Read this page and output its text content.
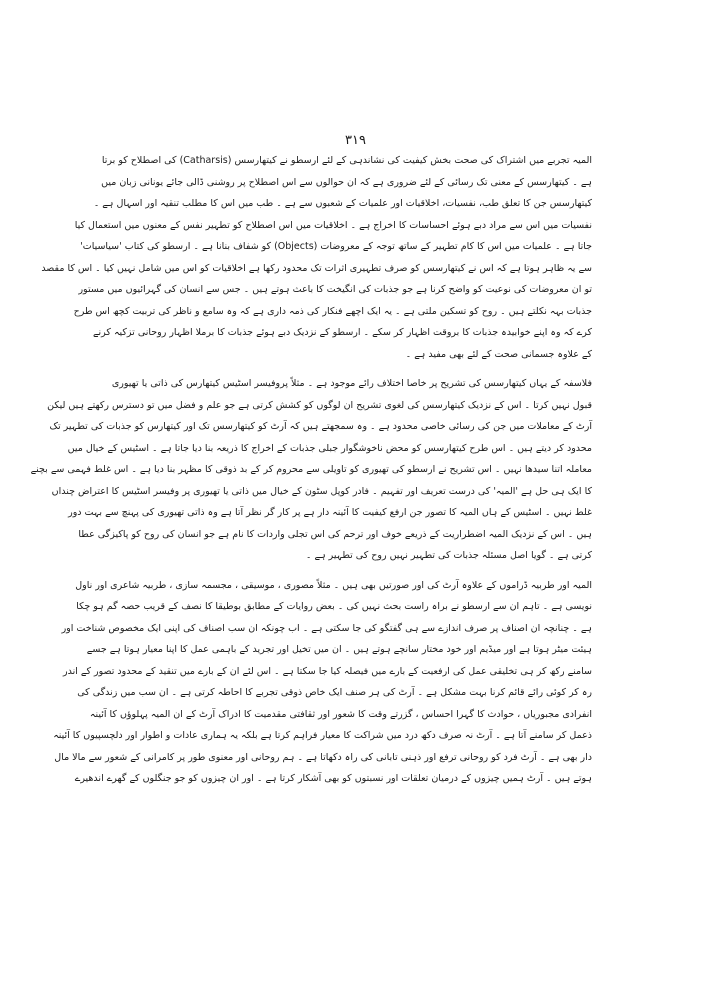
۳۱۹
المیہ تجربے میں اشتراک کی صحت بخش کیفیت کی نشاندہی کے لئے ارسطو نے کیتھارسس (Catharsis) کی اصطلاح کو برتا
ہے ۔ کیتھارسس کے معنی تک رسائی کے لئے ضروری ہے کہ ان حوالوں سے اس اصطلاح پر روشنی ڈالی جائے یونانی زبان میں
کیتھارسس جن کا تعلق طب، نفسیات، اخلاقیات اور علمیات کے شعبوں سے ہے ۔ طب میں اس کا مطلب تنقیہ اور اسہال ہے ۔
نفسیات میں اس سے مراد دبے ہوئے احساسات کا اخراج ہے ۔ اخلاقیات میں اس اصطلاح کو تطہیر نفس کے معنوں میں استعمال کیا
جاتا ہے ۔ علمیات میں اس کا کام تطہیر کے ساتھ توجہ کے معروضات (Objects) کو شفاف بنانا ہے ۔ ارسطو کی کتاب 'سیاسیات'
سے یہ ظاہر ہوتا ہے کہ اس نے کیتھارسس کو صرف تطہیری اثرات تک محدود رکھا ہے اخلاقیات کو اس میں شامل نہیں کیا ۔ اس کا مقصد
تو ان معروضات کی نوعیت کو واضح کرنا ہے جو جذبات کی انگیخت کا باعث ہوتے ہیں ۔ جس سے انسان کی گہرائیوں میں مستور
جذبات بہہ نکلتے ہیں ۔ روح کو تسکین ملتی ہے ۔ یہ ایک اچھے فنکار کی ذمہ داری ہے کہ وہ سامع و ناظر کی تربیت کچھ اس طرح
کرے کہ وہ اپنے خوابیدہ جذبات کا بروقت اظہار کر سکے ۔ ارسطو کے نزدیک دبے ہوئے جذبات کا برملا اظہار روحانی تزکیہ کرنے
کے علاوہ جسمانی صحت کے لئے بھی مفید ہے ۔
فلاسفہ کے یہاں کیتھارسس کی تشریح پر خاصا اختلاف رائے موجود ہے ۔ مثلاً پروفیسر اسٹیس کیتھارس کی ذاتی یا تھیوری
قبول نہیں کرتا ۔ اس کے نزدیک کیتھارسس کی لغوی تشریح ان لوگوں کو کشش کرتی ہے جو علم و فضل میں تو دسترس رکھتے ہیں لیکن
آرٹ کے معاملات میں جن کی رسائی خاصی محدود ہے ۔ وہ سمجھتے ہیں کہ آرٹ کو کیتھارسس تک اور کیتھارس کو جذبات کی تطہیر تک
محدود کر دیتے ہیں ۔ اس طرح کیتھارسس کو محض ناخوشگوار جبلی جذبات کے اخراج کا ذریعہ بنا دیا جاتا ہے ۔ اسٹیس کے خیال میں
معاملہ اتنا سیدھا نہیں ۔ اس تشریح نے ارسطو کی تھیوری کو تاویلی سے محروم کر کے بد ذوقی کا مظہر بنا دیا ہے ۔ اس غلط فہمی سے بچنے
کا ایک ہی حل ہے 'المیہ' کی درست تعریف اور تفہیم ۔ فادر کوپل سٹون کے خیال میں ذاتی یا تھیوری پر وفیسر اسٹیس کا اعتراض چنداں
غلط نہیں ۔ اسٹیس کے ہاں المیہ کا تصور جن ارفع کیفیت کا آئینہ دار ہے پر کار گر نظر آتا ہے وہ ذاتی تھیوری کی پہنچ سے بہت دور
ہیں ۔ اس کے نزدیک المیہ اضطراریت کے ذریعے خوف اور ترحم کی اس تجلی واردات کا نام ہے جو انسان کی روح کو پاکیزگی عطا
کرتی ہے ۔ گویا اصل مسئلہ جذبات کی تطہیر نہیں روح کی تطہیر ہے ۔
المیہ اور طربیہ ڈراموں کے علاوہ آرٹ کی اور صورتیں بھی ہیں ۔ مثلاً مصوری ، موسیقی ، مجسمہ سازی ، طربیہ شاعری اور ناول
نویسی ہے ۔ تاہم ان سے ارسطو نے براہ راست بحث نہیں کی ۔ بعض روایات کے مطابق بوطیقا کا نصف کے قریب حصہ گم ہو چکا
ہے ۔ چنانچہ ان اصناف پر صرف اندازے سے ہی گفتگو کی جا سکتی ہے ۔ اب چونکہ ان سب اصناف کی اپنی ایک مخصوص شناخت اور
ہیئت میٹر ہوتا ہے اور میڈیم اور خود مختار سانچے ہوتے ہیں ۔ ان میں تخیل اور تجرید کے باہمی عمل کا اپنا معیار ہوتا ہے جسے
سامنے رکھ کر ہی تخلیقی عمل کی ارفعیت کے بارے میں فیصلہ کیا جا سکتا ہے ۔ اس لئے ان کے بارے میں تنقید کے محدود تصور کے اندر
رہ کر کوئی رائے قائم کرنا بہت مشکل ہے ۔ آرٹ کی ہر صنف ایک خاص ذوقی تجربے کا احاطہ کرتی ہے ۔ ان سب میں زندگی کی
انفرادی مجبوریاں ، حوادث کا گہرا احساس ، گزرتے وقت کا شعور اور ثقافتی مقدمیت کا ادراک آرٹ کے ان المیہ پہلوؤں کا آئینہ
ذعمل کر سامنے آتا ہے ۔ آرٹ نہ صرف دکھ درد میں شراکت کا معیار فراہم کرتا ہے بلکہ یہ ہماری عادات و اطوار اور دلچسپیوں کا آئینہ
دار بھی ہے ۔ آرٹ فرد کو روحانی ترفع اور ذہنی تابانی کی راہ دکھاتا ہے ۔ ہم روحانی اور معنوی طور پر کامرانی کے شعور سے مالا مال
ہوتے ہیں ۔ آرٹ ہمیں چیزوں کے درمیان تعلقات اور نسبتوں کو بھی آشکار کرتا ہے ۔ اور ان چیزوں کو جو جنگلوں کے گھرے اندھیرے
